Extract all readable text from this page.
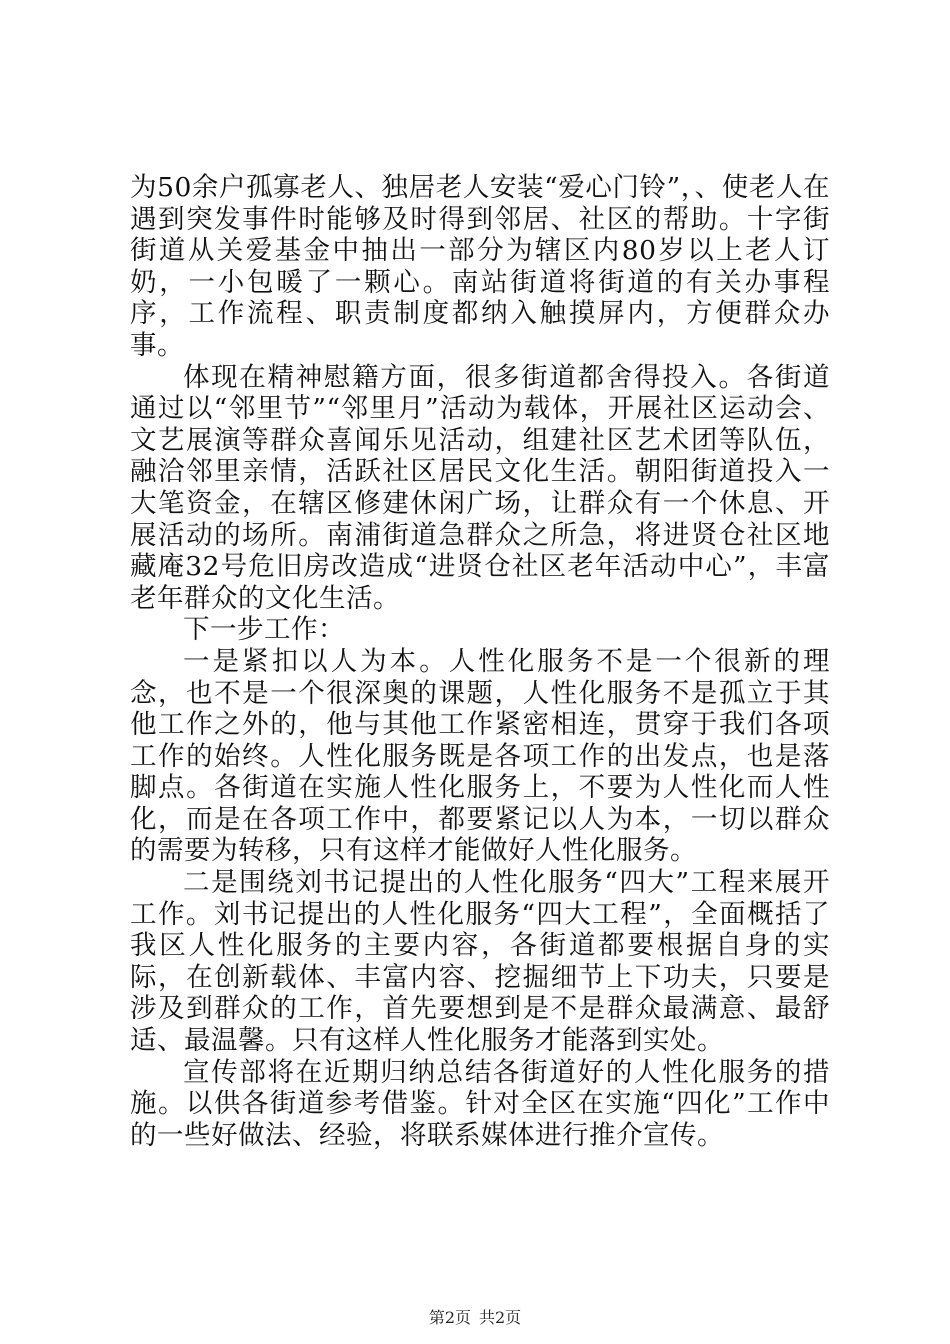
为50余户孤寡老人、独居老人安装“爱心门铃”，、使老人在遇到突发事件时能够及时得到邻居、社区的帮助。十字街街道从关爱基金中抽出一部分为辖区内80岁以上老人订奶，一小包暖了一颗心。南站街道将街道的有关办事程序，工作流程、职责制度都纳入触摸屏内，方便群众办事。

体现在精神慰籍方面，很多街道都舍得投入。各街道通过以“邻里节”“邻里月”活动为载体，开展社区运动会、文艺展演等群众喜闻乐见活动，组建社区艺术团等队伍，融洽邻里亲情，活跃社区居民文化生活。朝阳街道投入一大笔资金，在辖区修建休闲广场，让群众有一个休息、开展活动的场所。南浦街道急群众之所急，将进贤仓社区地藏庵32号危旧房改造成“进贤仓社区老年活动中心”，丰富老年群众的文化生活。

下一步工作：

一是紧扣以人为本。人性化服务不是一个很新的理念，也不是一个很深奥的课题，人性化服务不是孤立于其他工作之外的，他与其他工作紧密相连，贯穿于我们各项工作的始终。人性化服务既是各项工作的出发点，也是落脚点。各街道在实施人性化服务上，不要为人性化而人性化，而是在各项工作中，都要紧记以人为本，一切以群众的需要为转移，只有这样才能做好人性化服务。

二是围绕刘书记提出的人性化服务“四大”工程来展开工作。刘书记提出的人性化服务“四大工程”，全面概括了我区人性化服务的主要内容，各街道都要根据自身的实际，在创新载体、丰富内容、挖掘细节上下功夫，只要是涉及到群众的工作，首先要想到是不是群众最满意、最舒适、最温馨。只有这样人性化服务才能落到实处。

宣传部将在近期归纳总结各街道好的人性化服务的措施。以供各街道参考借鉴。针对全区在实施“四化”工作中的一些好做法、经验，将联系媒体进行推介宣传。

第2页 共2页
